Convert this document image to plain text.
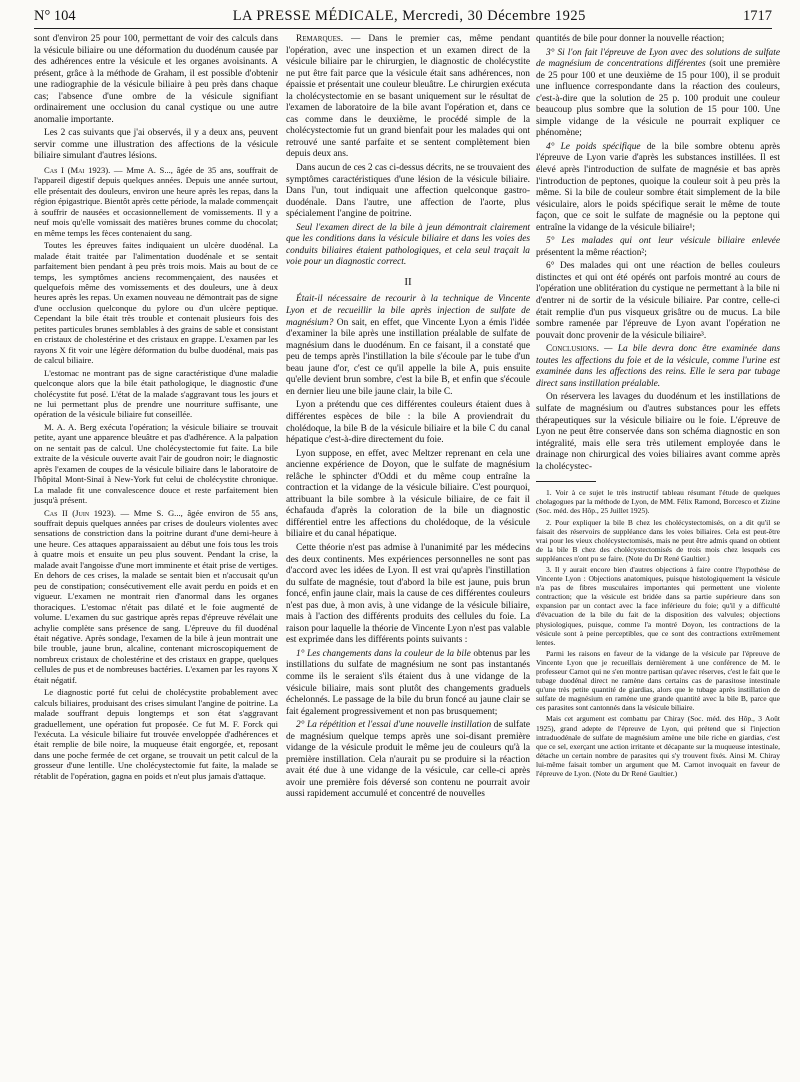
N° 104	LA PRESSE MÉDICALE, Mercredi, 30 Décembre 1925	1717

sont d'environ 25 pour 100, permettant de voir des calculs dans la vésicule biliaire ou une déformation du duodénum causée par des adhérences entre la vésicule et les organes avoisinants. A présent, grâce à la méthode de Graham, il est possible d'obtenir une radiographie de la vésicule biliaire à peu près dans chaque cas; l'absence d'une ombre de la vésicule signifiant ordinairement une occlusion du canal cystique ou une autre anomalie importante.

Les 2 cas suivants que j'ai observés, il y a deux ans, peuvent servir comme une illustration des affections de la vésicule biliaire simulant d'autres lésions.

Cas I (Mai 1923). — Mme A. S..., âgée de 35 ans, souffrait de l'appareil digestif depuis quelques années. Depuis une année surtout, elle présentait des douleurs, environ une heure après les repas, dans la région épigastrique. Bientôt après cette période, la malade commençait à souffrir de nausées et occasionnellement de vomissements. Il y a neuf mois qu'elle vomissait des matières brunes comme du chocolat; en même temps les fèces contenaient du sang.

Toutes les épreuves faites indiquaient un ulcère duodénal. La malade était traitée par l'alimentation duodénale et se sentait parfaitement bien pendant à peu près trois mois. Mais au bout de ce temps, les symptômes anciens recommençaient, des nausées et quelquefois même des vomissements et des douleurs, une à deux heures après les repas. Un examen nouveau ne démontrait pas de signe d'une occlusion quelconque du pylore ou d'un ulcère peptique. Cependant la bile était très trouble et contenait plusieurs fois des petites particules brunes semblables à des grains de sable et consistant en cristaux de cholestérine et des cristaux en grappe. L'examen par les rayons X fit voir une légère déformation du bulbe duodénal, mais pas de calcul biliaire.

L'estomac ne montrant pas de signe caractéristique d'une maladie quelconque alors que la bile était pathologique, le diagnostic d'une cholécystite fut posé. L'état de la malade s'aggravant tous les jours et ne lui permettant plus de prendre une nourriture suffisante, une opération de la vésicule biliaire fut conseillée.

M. A. A. Berg exécuta l'opération; la vésicule biliaire se trouvait petite, ayant une apparence bleuâtre et pas d'adhérence. A la palpation on ne sentait pas de calcul. Une cholécystectomie fut faite. La bile extraite de la vésicule ouverte avait l'air de goudron noir; le diagnostic après l'examen de coupes de la vésicule biliaire dans le laboratoire de l'hôpital Mont-Sinaï à New-York fut celui de cholécystite chronique. La malade fit une convalescence douce et reste parfaitement bien jusqu'à présent.

Cas II (Juin 1923). — Mme S. G..., âgée environ de 55 ans, souffrait depuis quelques années par crises de douleurs violentes avec sensations de constriction dans la poitrine durant d'une demi-heure à une heure. Ces attaques apparaissaient au début une fois tous les trois à quatre mois et ensuite un peu plus souvent. Pendant la crise, la malade avait l'angoisse d'une mort imminente et était prise de vertiges. En dehors de ces crises, la malade se sentait bien et n'accusait qu'un peu de constipation; consécutivement elle avait perdu en poids et en vigueur. L'examen ne montrait rien d'anormal dans les organes thoraciques. L'estomac n'était pas dilaté et le foie augmenté de volume. L'examen du suc gastrique après repas d'épreuve révélait une achylie complète sans présence de sang. L'épreuve du fil duodénal était négative. Après sondage, l'examen de la bile à jeun montrait une bile trouble, jaune brun, alcaline, contenant microscopiquement de nombreux cristaux de cholestérine et des cristaux en grappe, quelques cellules de pus et de nombreuses bactéries. L'examen par les rayons X était négatif.

Le diagnostic porté fut celui de cholécystite probablement avec calculs biliaires, produisant des crises simulant l'angine de poitrine. La malade souffrant depuis longtemps et son état s'aggravant graduellement, une opération fut proposée. Ce fut M. F. Forck qui l'exécuta. La vésicule biliaire fut trouvée enveloppée d'adhérences et était remplie de bile noire, la muqueuse était engorgée, et, reposant dans une poche fermée de cet organe, se trouvait un petit calcul de la grosseur d'une lentille. Une cholécystectomie fut faite, la malade se rétablit de l'opération, gagna en poids et n'eut plus jamais d'attaque.

Remarques. — Dans le premier cas, même pendant l'opération, avec une inspection et un examen direct de la vésicule biliaire par le chirurgien, le diagnostic de cholécystite ne put être fait parce que la vésicule était sans adhérences, non épaissie et présentait une couleur bleuâtre. Le chirurgien exécuta la cholécystectomie en se basant uniquement sur le résultat de l'examen de laboratoire de la bile avant l'opération et, dans ce cas comme dans le deuxième, le procédé simple de la cholécystectomie fut un grand bienfait pour les malades qui ont retrouvé une santé parfaite et se sentent complètement bien depuis deux ans.

Dans aucun de ces 2 cas ci-dessus décrits, ne se trouvaient des symptômes caractéristiques d'une lésion de la vésicule biliaire. Dans l'un, tout indiquait une affection quelconque gastro-duodénale. Dans l'autre, une affection de l'aorte, plus spécialement l'angine de poitrine.

Seul l'examen direct de la bile à jeun démontrait clairement que les conditions dans la vésicule biliaire et dans les voies des conduits biliaires étaient pathologiques, et cela seul traçait la voie pour un diagnostic correct.

II

Était-il nécessaire de recourir à la technique de Vincente Lyon et de recueillir la bile après injection de sulfate de magnésium? On sait, en effet, que Vincente Lyon a émis l'idée d'examiner la bile après une instillation préalable de sulfate de magnésium dans le duodénum. En ce faisant, il a constaté que peu de temps après l'instillation la bile s'écoule par le tube d'un beau jaune d'or, c'est ce qu'il appelle la bile A, puis ensuite qu'elle devient brun sombre, c'est la bile B, et enfin que s'écoule en dernier lieu une bile jaune clair, la bile C.

Lyon a prétendu que ces différentes couleurs étaient dues à différentes espèces de bile : la bile A proviendrait du cholédoque, la bile B de la vésicule biliaire et la bile C du canal hépatique c'est-à-dire directement du foie.

Lyon suppose, en effet, avec Meltzer reprenant en cela une ancienne expérience de Doyon, que le sulfate de magnésium relâche le sphincter d'Oddi et du même coup entraîne la contraction et la vidange de la vésicule biliaire. C'est pourquoi, attribuant la bile sombre à la vésicule biliaire, de ce fait il échafauda d'après la coloration de la bile un diagnostic différentiel entre les affections du cholédoque, de la vésicule biliaire et du canal hépatique.

Cette théorie n'est pas admise à l'unanimité par les médecins des deux continents. Mes expériences personnelles ne sont pas d'accord avec les idées de Lyon. Il est vrai qu'après l'instillation du sulfate de magnésie, tout d'abord la bile est jaune, puis brun foncé, enfin jaune clair, mais la cause de ces différentes couleurs n'est pas due, à mon avis, à une vidange de la vésicule biliaire, mais à l'action des différents produits des cellules du foie. La raison pour laquelle la théorie de Vincente Lyon n'est pas valable est exprimée dans les différents points suivants :

1° Les changements dans la couleur de la bile obtenus par les instillations du sulfate de magnésium ne sont pas instantanés comme ils le seraient s'ils étaient dus à une vidange de la vésicule biliaire, mais sont plutôt des changements graduels échelonnés. Le passage de la bile du brun foncé au jaune clair se fait également progressivement et non pas brusquement;

2° La répétition et l'essai d'une nouvelle instillation de sulfate de magnésium quelque temps après une soi-disant première vidange de la vésicule produit le même jeu de couleurs qu'à la première instillation. Cela n'aurait pu se produire si la réaction avait été due à une vidange de la vésicule, car celle-ci après avoir une première fois déversé son contenu ne pourrait avoir aussi rapidement accumulé et concentré de nouvelles

quantités de bile pour donner la nouvelle réaction;

3° Si l'on fait l'épreuve de Lyon avec des solutions de sulfate de magnésium de concentrations différentes (soit une première de 25 pour 100 et une deuxième de 15 pour 100), il se produit une influence correspondante dans la réaction des couleurs, c'est-à-dire que la solution de 25 p. 100 produit une couleur beaucoup plus sombre que la solution de 15 pour 100. Une simple vidange de la vésicule ne pourrait expliquer ce phénomène;

4° Le poids spécifique de la bile sombre obtenu après l'épreuve de Lyon varie d'après les substances instillées. Il est élevé après l'introduction de sulfate de magnésie et bas après l'introduction de peptones, quoique la couleur soit à peu près la même. Si la bile de couleur sombre était simplement de la bile vésiculaire, alors le poids spécifique serait le même de toute façon, que ce soit le sulfate de magnésie ou la peptone qui entraîne la vidange de la vésicule biliaire¹;

5° Les malades qui ont leur vésicule biliaire enlevée présentent la même réaction²;

6° Des malades qui ont une réaction de belles couleurs distinctes et qui ont été opérés ont parfois montré au cours de l'opération une oblitération du cystique ne permettant à la bile ni d'entrer ni de sortir de la vésicule biliaire. Par contre, celle-ci était remplie d'un pus visqueux grisâtre ou de mucus. La bile sombre ramenée par l'épreuve de Lyon avant l'opération ne pouvait donc provenir de la vésicule biliaire³.

Conclusions. — La bile devra donc être examinée dans toutes les affections du foie et de la vésicule, comme l'urine est examinée dans les affections des reins. Elle le sera par tubage direct sans instillation préalable.

On réservera les lavages du duodénum et les instillations de sulfate de magnésium ou d'autres substances pour les effets thérapeutiques sur la vésicule biliaire ou le foie. L'épreuve de Lyon ne peut être conservée dans son schéma diagnostic en son intégralité, mais elle sera très utilement employée dans le drainage non chirurgical des voies biliaires avant comme après la cholécystec-

1. Voir à ce sujet le très instructif tableau résumant l'étude de quelques cholagogues par la méthode de Lyon, de MM. Félix Ramond, Borcesco et Zizine (Soc. méd. des Hôp., 25 Juillet 1925).

2. Pour expliquer la bile B chez les cholécystectomisés, on a dit qu'il se faisait des réservoirs de suppléance dans les voies biliaires. Cela est peut-être vrai pour les vieux cholécystectomisés, mais ne peut être admis quand on obtient de la bile B chez des cholécystectomisés de trois mois chez lesquels ces suppléances n'ont pu se faire. (Note du Dr René Gaultier.)

3. Il y aurait encore bien d'autres objections à faire contre l'hypothèse de Vincente Lyon : Objections anatomiques, puisque histologiquement la vésicule n'a pas de fibres musculaires importantes qui permettent une violente contraction; que la vésicule est bridée dans sa partie supérieure dans son expansion par un contact avec la face inférieure du foie; qu'il y a difficulté d'évacuation de la bile du fait de la disposition des valvules; objections physiologiques, puisque, comme l'a montré Doyon, les contractions de la vésicule sont à peine perceptibles, que ce sont des contractions extrêmement lentes.

Parmi les raisons en faveur de la vidange de la vésicule par l'épreuve de Vincente Lyon que je recueillais dernièrement à une conférence de M. le professeur Carnot qui ne s'en montre partisan qu'avec réserves, c'est le fait que le tubage duodénal direct ne ramène dans certains cas de parasitose intestinale qu'une très petite quantité de giardias, alors que le tubage après instillation de sulfate de magnésium en ramène une grande quantité avec la bile B, parce que ces parasites sont cantonnés dans la vésicule biliaire.

Mais cet argument est combattu par Chiray (Soc. méd. des Hôp., 3 Août 1925), grand adepte de l'épreuve de Lyon, qui prétend que si l'injection intraduodénale de sulfate de magnésium amène une bile riche en giardias, c'est que ce sel, exerçant une action irritante et décapante sur la muqueuse intestinale, détache un certain nombre de parasites qui s'y trouvent fixés. Ainsi M. Chiray lui-même faisait tomber un argument que M. Carnot invoquait en faveur de l'épreuve de Lyon. (Note du Dr René Gaultier.)
